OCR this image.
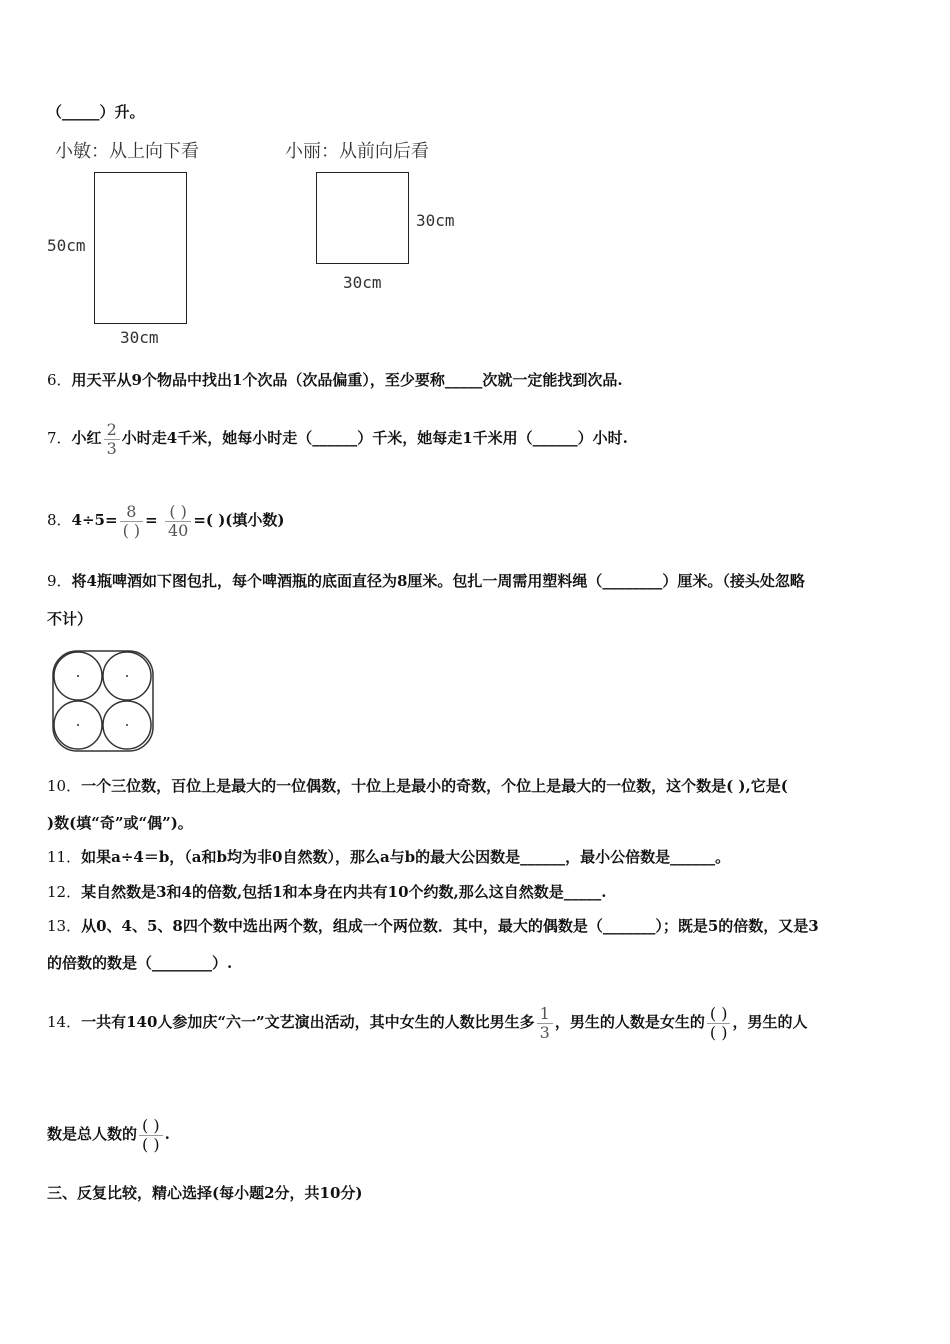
（_____）升。
小敏：从上向下看
50cm
30cm
小丽：从前向后看
30cm
30cm
6．用天平从9个物品中找出1个次品（次品偏重），至少要称_____次就一定能找到次品.
7．小红 $\frac{2}{3}$ 小时走4千米，她每小时走（______）千米，她每走1千米用（______）小时.
8．$4\div 5= \frac{8}{( )} = \frac{( )}{40}$ =( )(填小数)
9．将4瓶啤酒如下图包扎，每个啤酒瓶的底面直径为8厘米。包扎一周需用塑料绳（________）厘米。（接头处忽略
不计）
10．一个三位数，百位上是最大的一位偶数，十位上是最小的奇数，个位上是最大的一位数，这个数是( ),它是(
)数(填“奇”或“偶”)。
11．如果a÷4＝b，（a和b均为非0自然数），那么a与b的最大公因数是______，最小公倍数是______。
12．某自然数是3和4的倍数,包括1和本身在内共有10个约数,那么这自然数是_____.
13．从0、4、5、8四个数中选出两个数，组成一个两位数．其中，最大的偶数是（_______）；既是5的倍数，又是3
的倍数的数是（________）.
14．一共有140人参加庆“六一”文艺演出活动，其中女生的人数比男生多 $\frac{1}{3}$ ，男生的人数是女生的 $\frac{( )}{( )}$ ，男生的人
数是总人数的 $\frac{( )}{( )}$ .
三、反复比较，精心选择(每小题2分，共10分)
